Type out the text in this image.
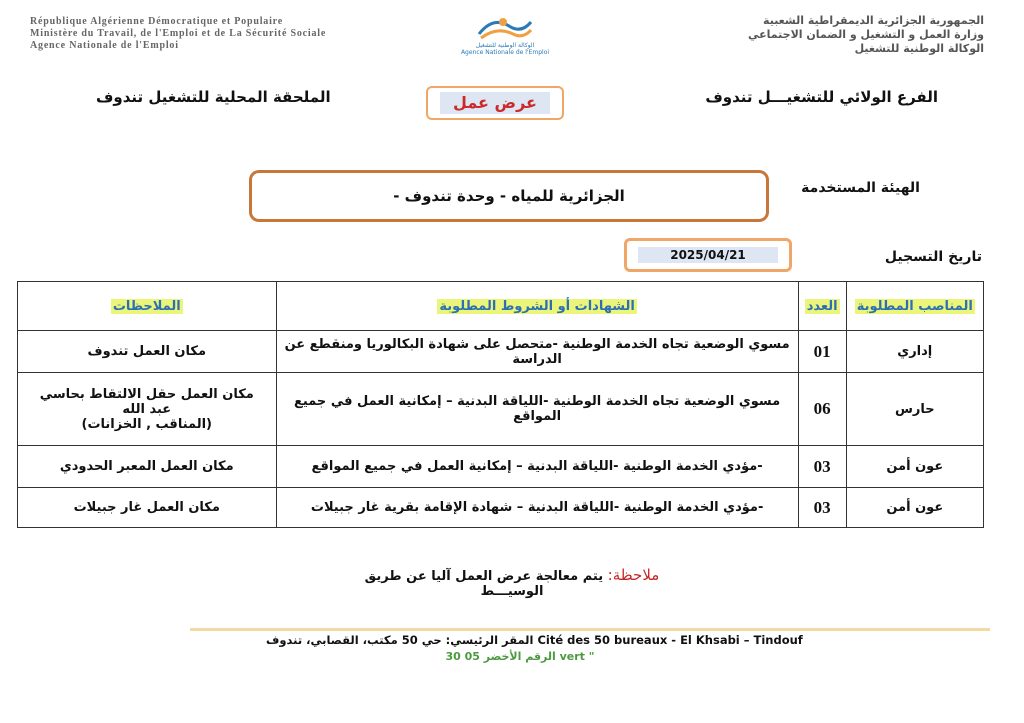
République Algérienne Démocratique et Populaire
Ministère du Travail, de l'Emploi et de La Sécurité Sociale
Agence Nationale de l'Emploi	الوكالة الوطنية للتشغيل
Agence Nationale de l'Emploi
الجمهورية الجزائرية الديمقراطية الشعبية
وزارة العمل و التشغيل و الضمان الاجتماعي
الوكالة الوطنية للتشغيل
الفرع الولائي للتشغيـــل تندوف
الملحقة المحلية للتشغيل تندوف	عرض عمل
الهيئة المستخدمة
الجزائرية للمياه - وحدة تندوف -
تاريخ التسجيل
2025/04/21
المناصب المطلوبة	العدد	الشهادات أو الشروط المطلوبة	الملاحظات
إداري	01	مسوي الوضعية تجاه الخدمة الوطنية -متحصل على شهادة البكالوريا ومنقطع عن الدراسة	مكان العمل تندوف

حارس	06	مسوي الوضعية تجاه الخدمة الوطنية -اللياقة البدنية – إمكانية العمل في جميع المواقع	مكان العمل حقل الالتقاط بحاسي
عبد الله
(المناقب , الخزانات)

عون أمن	03	-مؤدي الخدمة الوطنية -اللياقة البدنية – إمكانية العمل في جميع المواقع	مكان العمل المعبر الحدودي

عون أمن	03	-مؤدي الخدمة الوطنية -اللياقة البدنية – شهادة الإقامة بقرية غار جبيلات	مكان العمل غار جبيلات
ملاحظة: يتم معالجة عرض العمل آليا عن طريق الوسيـــط
المقر الرئيسي: حي 50 مكتب، القصابي، تندوف Cité des 50 bureaux - El Khsabi – Tindouf
الرقم الأخضر 05 30 vert "
